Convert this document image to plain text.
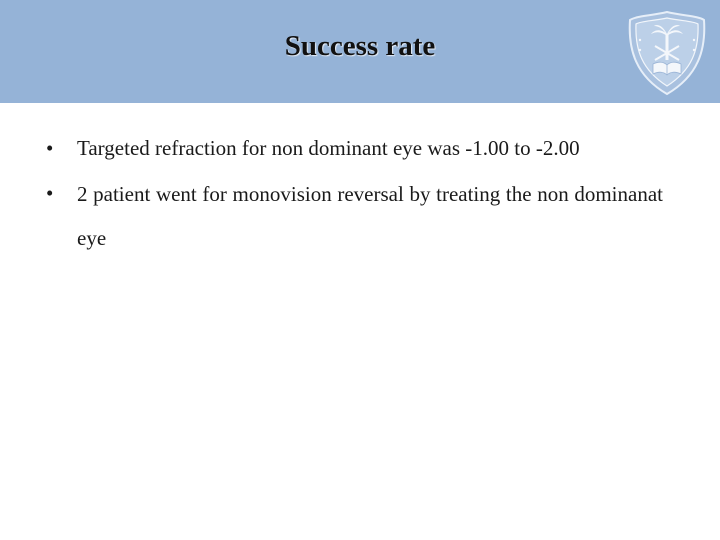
Success rate
• Targeted refraction for non dominant eye was -1.00 to -2.00
• 2 patient went for monovision reversal by treating the non dominanat eye
